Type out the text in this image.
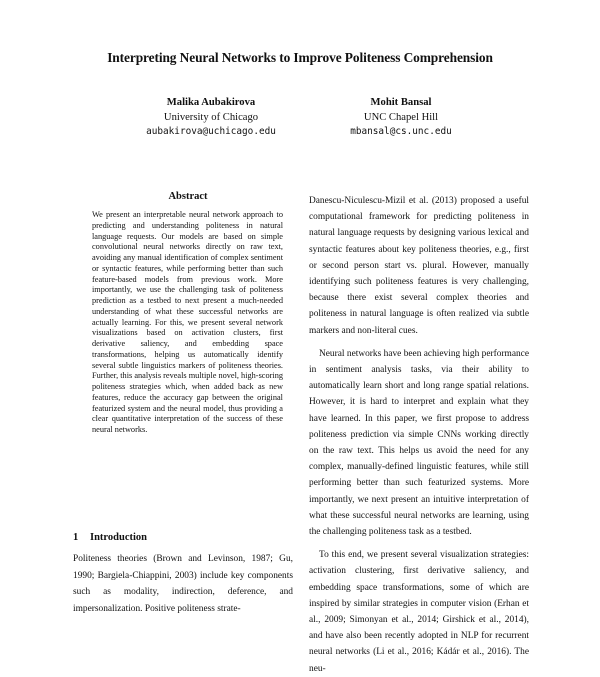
Interpreting Neural Networks to Improve Politeness Comprehension
Malika Aubakirova
University of Chicago
aubakirova@uchicago.edu
Mohit Bansal
UNC Chapel Hill
mbansal@cs.unc.edu
Abstract
We present an interpretable neural network approach to predicting and understanding politeness in natural language requests. Our models are based on simple convolutional neural networks directly on raw text, avoiding any manual identification of complex sentiment or syntactic features, while performing better than such feature-based models from previous work. More importantly, we use the challenging task of politeness prediction as a testbed to next present a much-needed understanding of what these successful networks are actually learning. For this, we present several network visualizations based on activation clusters, first derivative saliency, and embedding space transformations, helping us automatically identify several subtle linguistics markers of politeness theories. Further, this analysis reveals multiple novel, high-scoring politeness strategies which, when added back as new features, reduce the accuracy gap between the original featurized system and the neural model, thus providing a clear quantitative interpretation of the success of these neural networks.
1 Introduction

Politeness theories (Brown and Levinson, 1987; Gu, 1990; Bargiela-Chiappini, 2003) include key components such as modality, indirection, deference, and impersonalization. Positive politeness strate-

Danescu-Niculescu-Mizil et al. (2013) proposed a useful computational framework for predicting politeness in natural language requests by designing various lexical and syntactic features about key politeness theories, e.g., first or second person start vs. plural. However, manually identifying such politeness features is very challenging, because there exist several complex theories and politeness in natural language is often realized via subtle markers and non-literal cues.

Neural networks have been achieving high performance in sentiment analysis tasks, via their ability to automatically learn short and long range spatial relations. However, it is hard to interpret and explain what they have learned. In this paper, we first propose to address politeness prediction via simple CNNs working directly on the raw text. This helps us avoid the need for any complex, manually-defined linguistic features, while still performing better than such featurized systems. More importantly, we next present an intuitive interpretation of what these successful neural networks are learning, using the challenging politeness task as a testbed.

To this end, we present several visualization strategies: activation clustering, first derivative saliency, and embedding space transformations, some of which are inspired by similar strategies in computer vision (Erhan et al., 2009; Simonyan et al., 2014; Girshick et al., 2014), and have also been recently adopted in NLP for recurrent neural networks (Li et al., 2016; Kádár et al., 2016). The neu-
